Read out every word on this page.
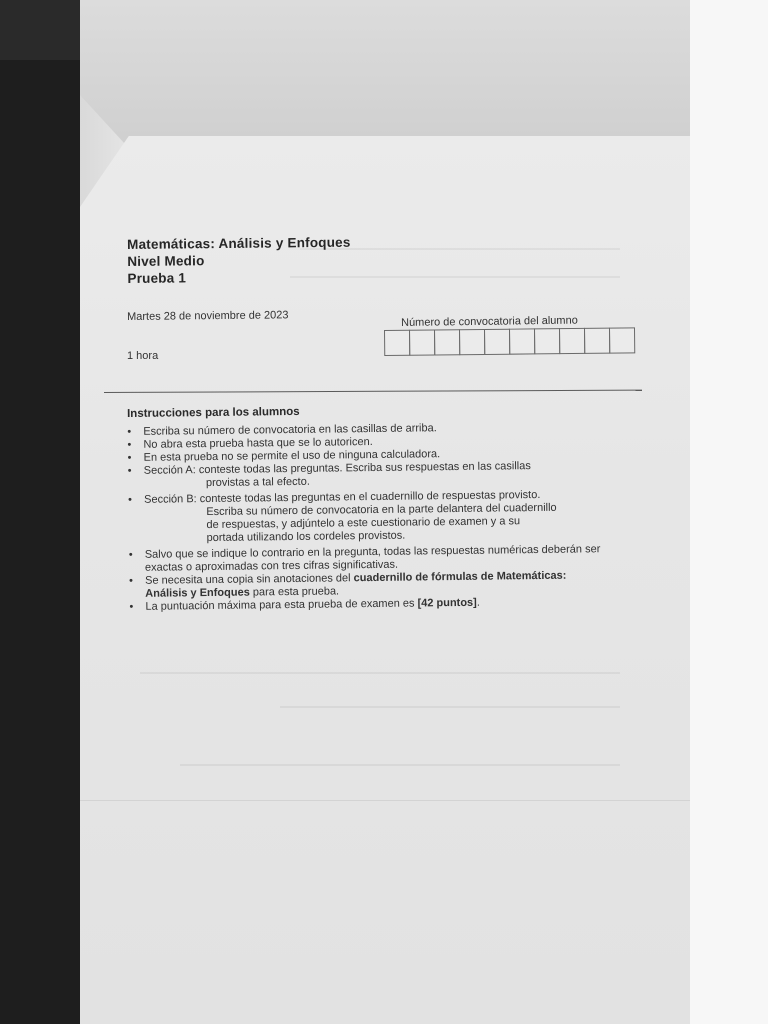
Matemáticas: Análisis y Enfoques
Nivel Medio
Prueba 1
Martes 28 de noviembre de 2023
1 hora
Número de convocatoria del alumno
Instrucciones para los alumnos
•	Escriba su número de convocatoria en las casillas de arriba.
•	No abra esta prueba hasta que se lo autoricen.
•	En esta prueba no se permite el uso de ninguna calculadora.
•	Sección A:
conteste todas las preguntas. Escriba sus respuestas en las casillas
provistas a tal efecto.
•	Sección B:
conteste todas las preguntas en el cuadernillo de respuestas provisto.
Escriba su número de convocatoria en la parte delantera del cuadernillo
de respuestas, y adjúntelo a este cuestionario de examen y a su
portada utilizando los cordeles provistos.
•	Salvo que se indique lo contrario en la pregunta, todas las respuestas numéricas deberán ser
exactas o aproximadas con tres cifras significativas.
•	Se necesita una copia sin anotaciones del cuadernillo de fórmulas de Matemáticas:
Análisis y Enfoques para esta prueba.
•	La puntuación máxima para esta prueba de examen es [42 puntos].
